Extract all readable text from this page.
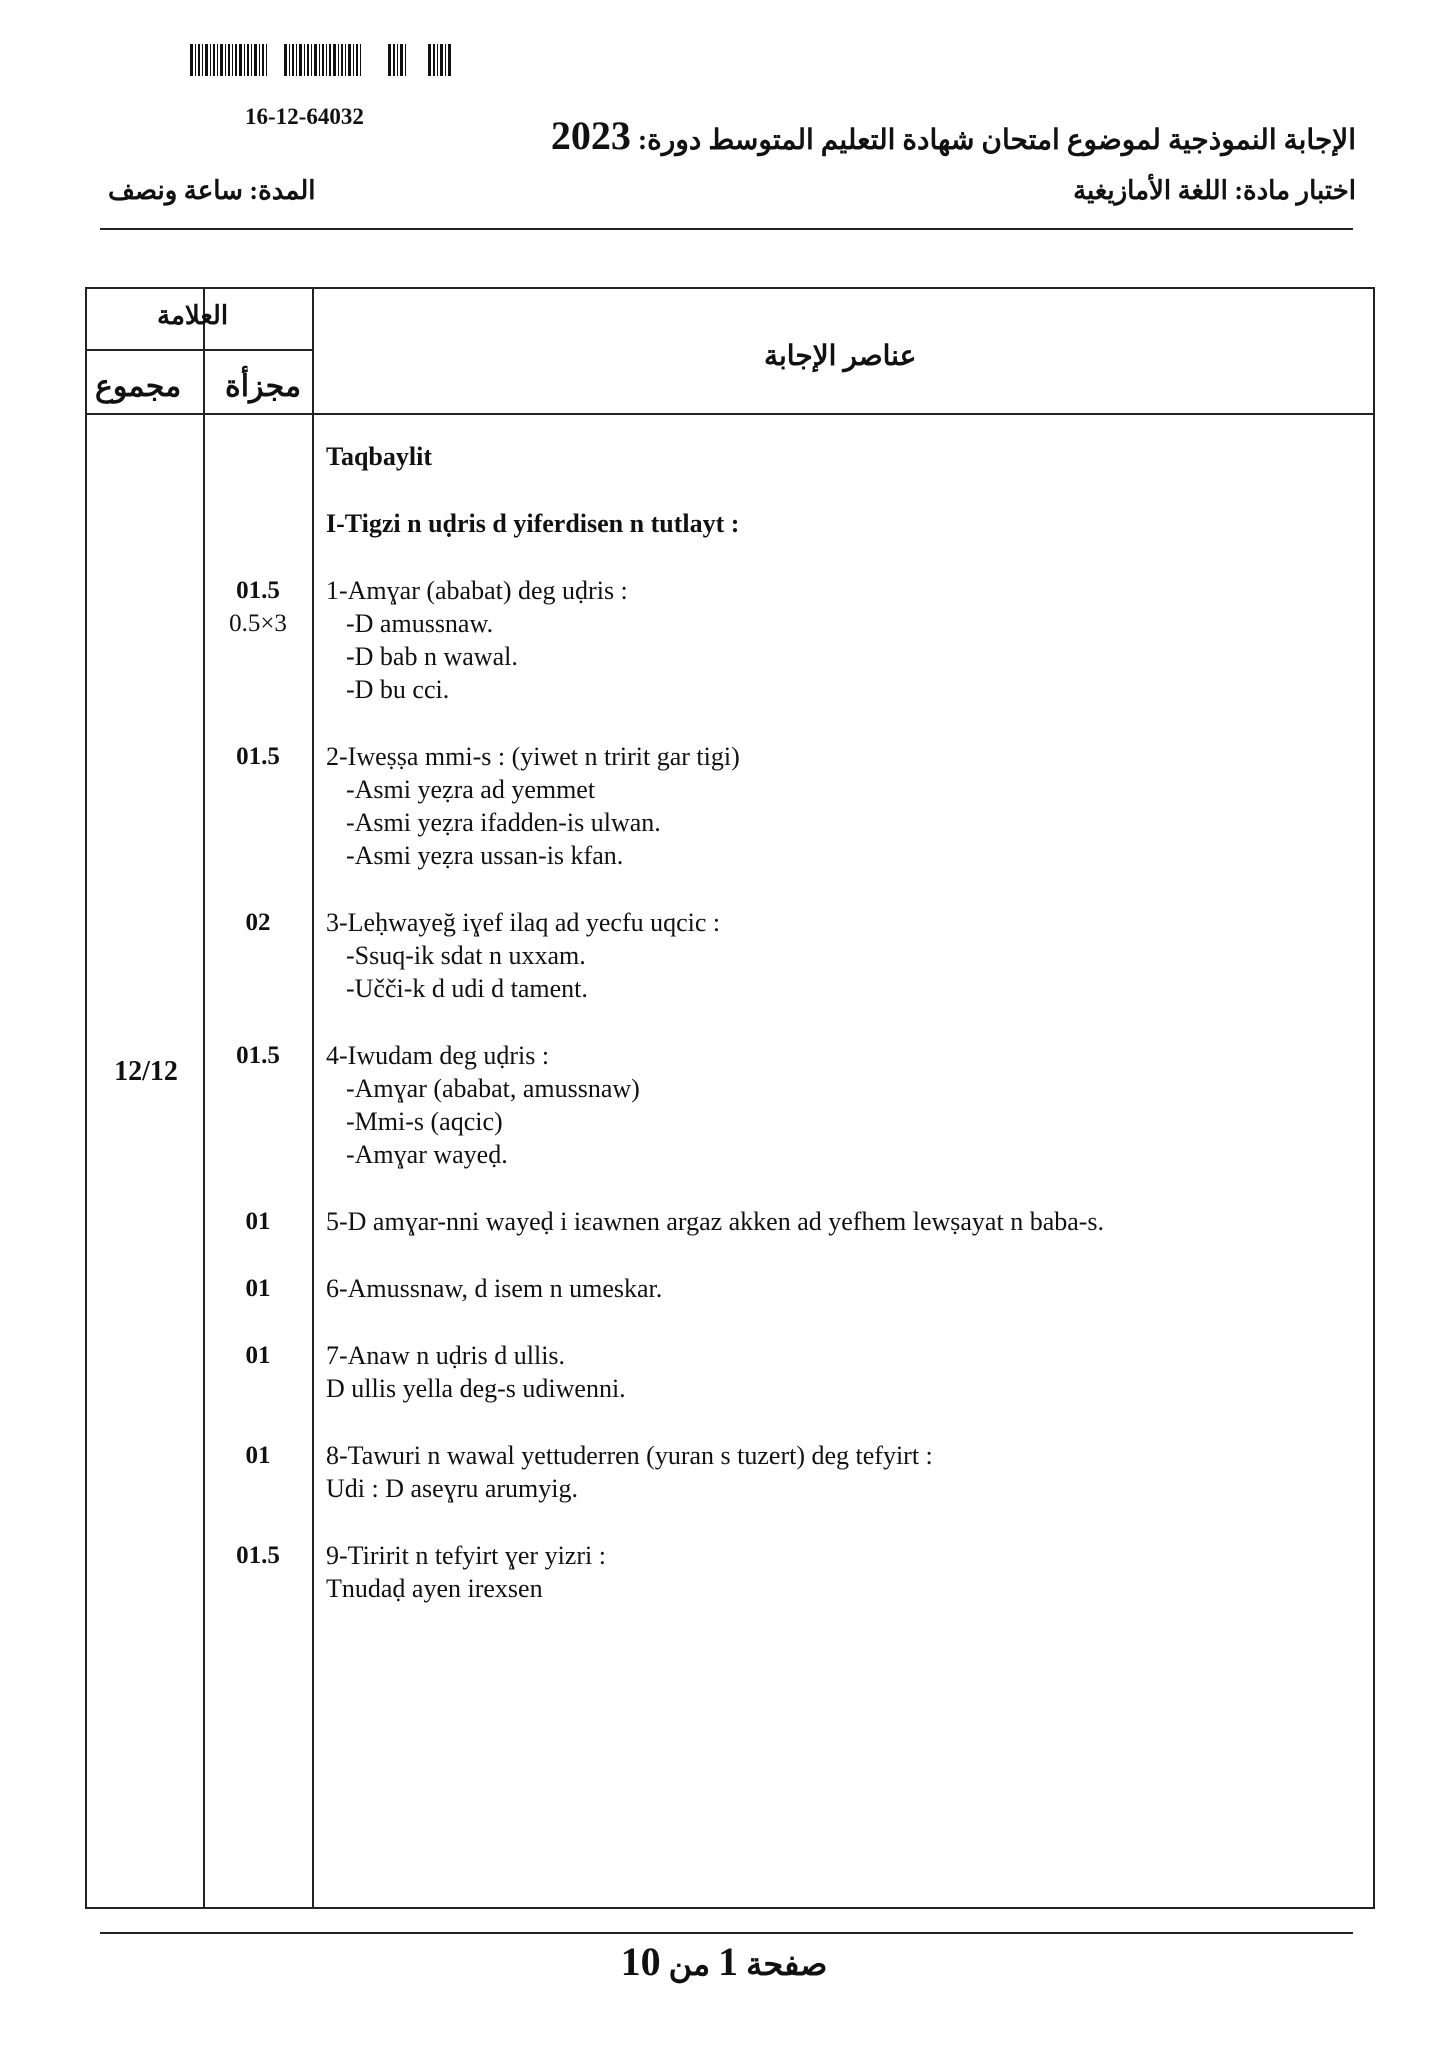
16-12-64032
الإجابة النموذجية لموضوع امتحان شهادة التعليم المتوسط دورة: 2023
اختبار مادة: اللغة الأمازيغية
المدة: ساعة ونصف
العلامة
مجموع مجزأة
عناصر الإجابة
12/12
01.5
0.5×3
01.5
02
01.5
01
01
01
01
01.5
Taqbaylit
I-Tigzi n uḍris d yiferdisen n tutlayt :
1-Amɣar (ababat) deg uḍris :
-D amussnaw.
-D bab n wawal.
-D bu cci.
2-Iweṣṣa mmi-s : (yiwet n tririt gar tigi)
-Asmi yeẓra ad yemmet
-Asmi yeẓra ifadden-is ulwan.
-Asmi yeẓra ussan-is kfan.
3-Leḥwayeğ iɣef ilaq ad yecfu uqcic :
-Ssuq-ik sdat n uxxam.
-Uččі-k d udi d tament.
4-Iwudam deg uḍris :
-Amɣar (ababat, amussnaw)
-Mmi-s (aqcic)
-Amɣar wayeḍ.
5-D amɣar-nni wayeḍ i iɛawnen argaz akken ad yefhem lewṣayat n baba-s.
6-Amussnaw, d isem n umeskar.
7-Anaw n uḍris d ullis.
D ullis yella deg-s udiwenni.
8-Tawuri n wawal yettuderren (yuran s tuzert) deg tefyirt :
Udi : D aseɣru arumyig.
9-Tiririt n tefyirt ɣer yizri :
Tnudaḍ ayen irexsen
صفحة 1 من 10
